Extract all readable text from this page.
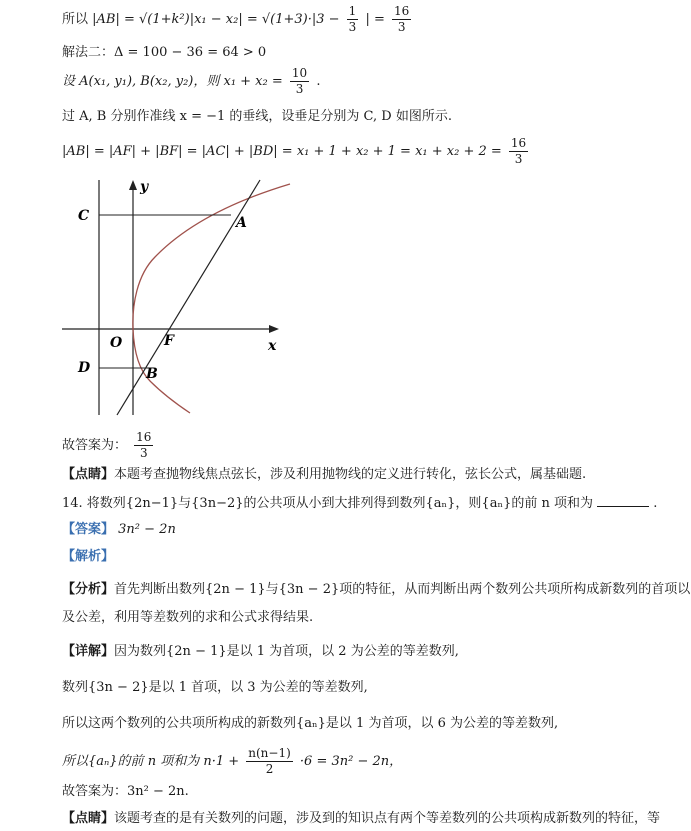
所以 $|AB| = √(1+k^2)|x_1 - x_2| = √(1+3)\cdot|3 - \frac{1}{3}$ | = $\frac{16}{3}$
解法二：Δ = 100 − 36 = 64 > 0
设 A(x₁, y₁), B(x₂, y₂)，则 $x_1 + x_2 = \frac{10}{3}$ .
过 A, B 分别作准线 x = −1 的垂线，设垂足分别为 C, D 如图所示.
$|AB| = |AF| + |BF| = |AC| + |BD| = x_1 + 1 + x_2 + 1 = x_1 + x_2 + 2 = \frac{16}{3}$
y
x
O	F
A
B
C
D
故答案为： $\frac{16}{3}$
【点睛】本题考查抛物线焦点弦长，涉及利用抛物线的定义进行转化，弦长公式，属基础题.
14. 将数列{2n−1}与{3n−2}的公共项从小到大排列得到数列{aₙ}，则{aₙ}的前 n 项和为	.
【答案】 3n² − 2n
【解析】
【分析】首先判断出数列{2n − 1}与{3n − 2}项的特征，从而判断出两个数列公共项所构成新数列的首项以
及公差，利用等差数列的求和公式求得结果.
【详解】因为数列{2n − 1}是以 1 为首项，以 2 为公差的等差数列,
数列{3n − 2}是以 1 首项，以 3 为公差的等差数列,
所以这两个数列的公共项所构成的新数列{aₙ}是以 1 为首项，以 6 为公差的等差数列,
所以{aₙ}的前 n 项和为 $n\cdot 1 + \frac{n(n-1)}{2} \cdot 6 = 3n^2 - 2n$，
故答案为：3n² − 2n.
【点睛】该题考查的是有关数列的问题，涉及到的知识点有两个等差数列的公共项构成新数列的特征，等
